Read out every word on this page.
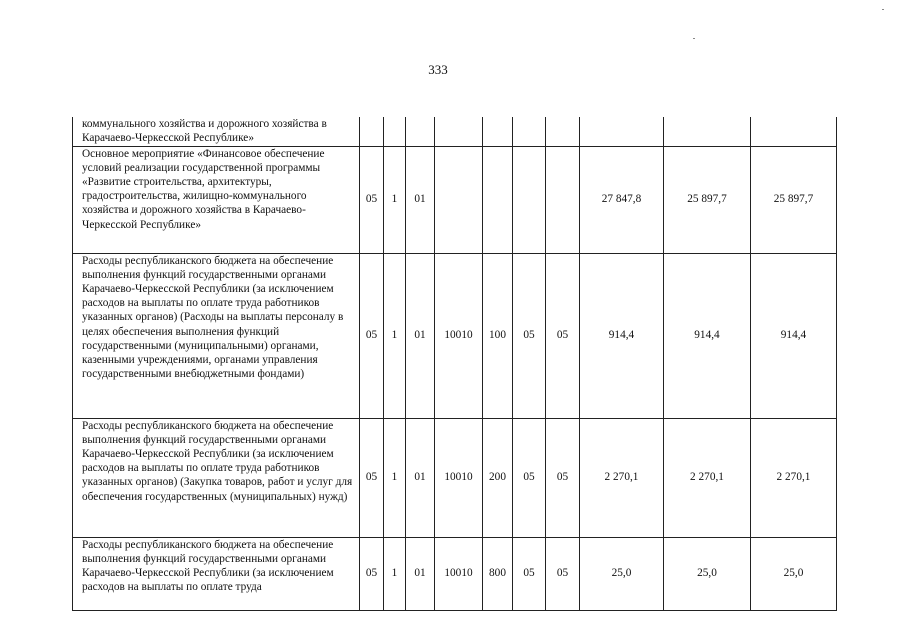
333
коммунального хозяйства и дорожного хозяйства в Карачаево-Черкесской Республике»										
Основное мероприятие «Финансовое обеспечение условий реализации государственной программы «Развитие строительства, архитектуры, градостроительства, жилищно-коммунального хозяйства и дорожного хозяйства в Карачаево-Черкесской Республике»	05	1	01					27 847,8	25 897,7	25 897,7
Расходы республиканского бюджета на обеспечение выполнения функций государственными органами Карачаево-Черкесской Республики (за исключением расходов на выплаты по оплате труда работников указанных органов) (Расходы на выплаты персоналу в целях обеспечения выполнения функций государственными (муниципальными) органами, казенными учреждениями, органами управления государственными внебюджетными фондами)	05	1	01	10010	100	05	05	914,4	914,4	914,4
Расходы республиканского бюджета на обеспечение выполнения функций государственными органами Карачаево-Черкесской Республики (за исключением расходов на выплаты по оплате труда работников указанных органов) (Закупка товаров, работ и услуг для обеспечения государственных (муниципальных) нужд)	05	1	01	10010	200	05	05	2 270,1	2 270,1	2 270,1
Расходы республиканского бюджета на обеспечение выполнения функций государственными органами Карачаево-Черкесской Республики (за исключением расходов на выплаты по оплате труда	05	1	01	10010	800	05	05	25,0	25,0	25,0
